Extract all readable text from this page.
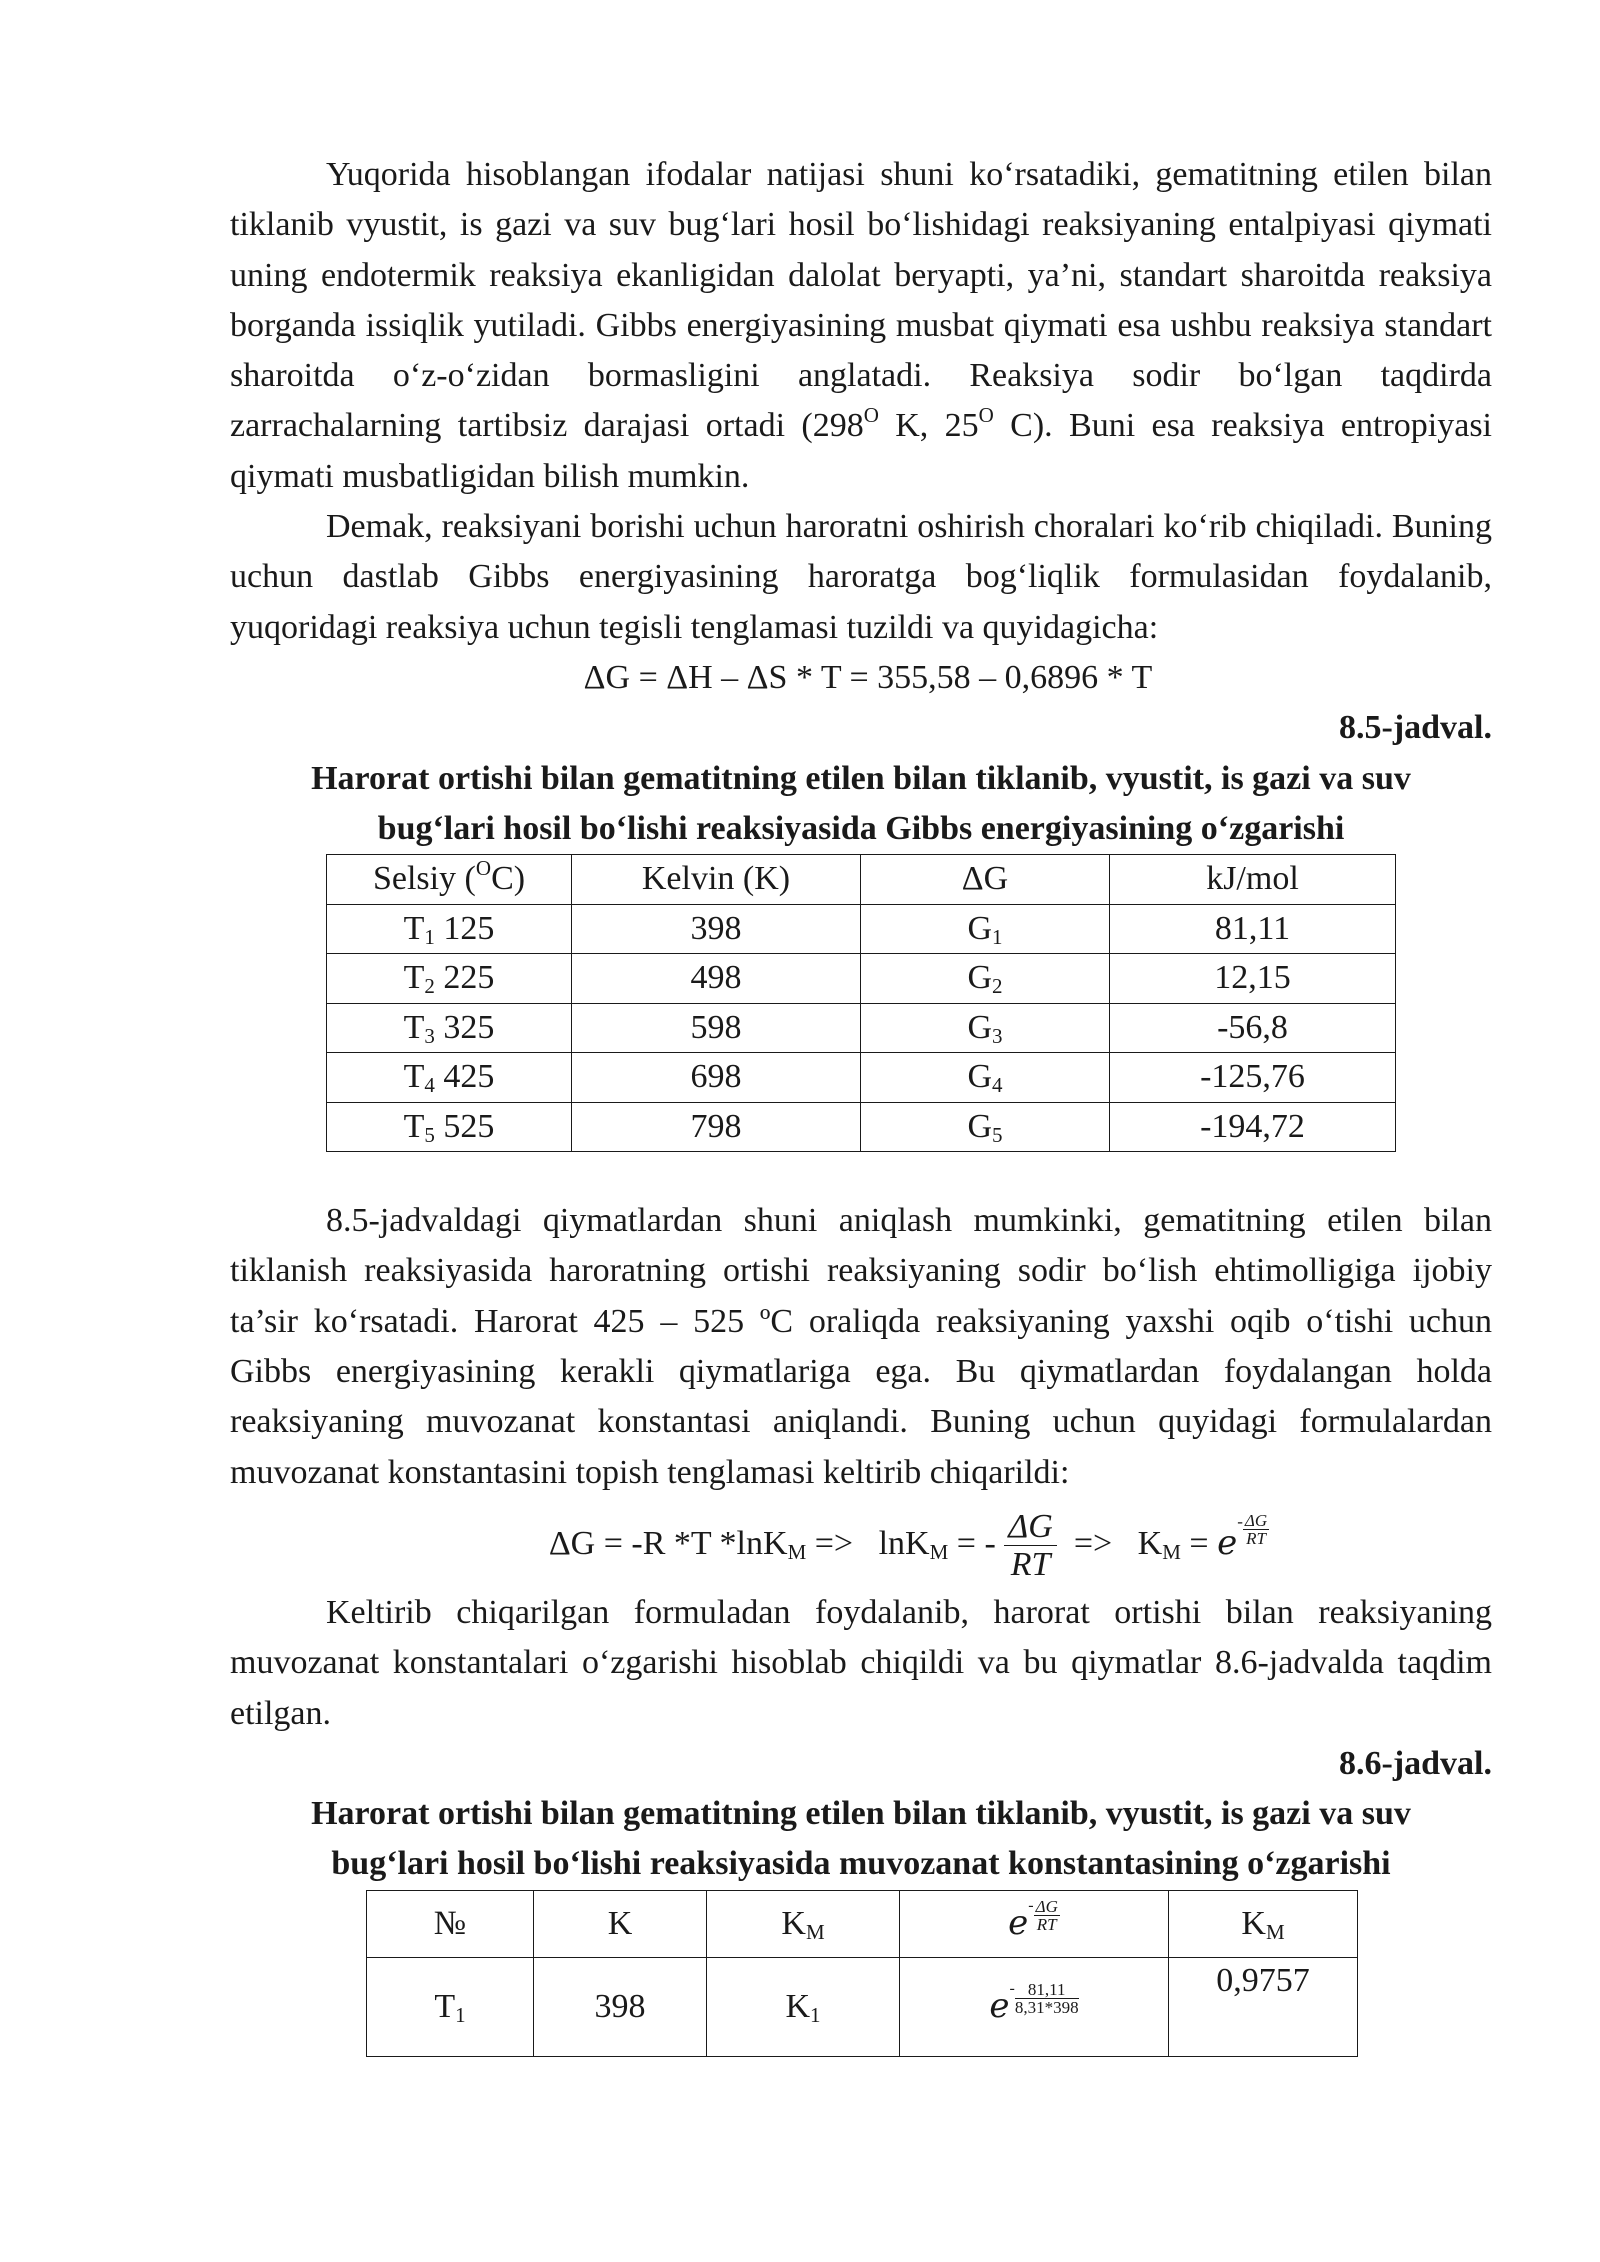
Yuqorida hisoblangan ifodalar natijasi shuni ko‘rsatadiki, gematitning etilen bilan tiklanib vyustit, is gazi va suv bug‘lari hosil bo‘lishidagi reaksiyaning entalpiyasi qiymati uning endotermik reaksiya ekanligidan dalolat beryapti, ya’ni, standart sharoitda reaksiya borganda issiqlik yutiladi. Gibbs energiyasining musbat qiymati esa ushbu reaksiya standart sharoitda o‘z-o‘zidan bormasligini anglatadi. Reaksiya sodir bo‘lgan taqdirda zarrachalarning tartibsiz darajasi ortadi ($298^O$ K, $25^O$ C). Buni esa reaksiya entropiyasi qiymati musbatligidan bilish mumkin.

Demak, reaksiyani borishi uchun haroratni oshirish choralari ko‘rib chiqiladi. Buning uchun dastlab Gibbs energiyasining haroratga bog‘liqlik formulasidan foydalanib, yuqoridagi reaksiya uchun tegisli tenglamasi tuzildi va quyidagicha:

ΔG = ΔH – ΔS * T = 355,58 – 0,6896 * T
8.5-jadval.
Harorat ortishi bilan gematitning etilen bilan tiklanib, vyustit, is gazi va suv
bug‘lari hosil bo‘lishi reaksiyasida Gibbs energiyasining o‘zgarishi
Selsiy ($^O$C)	Kelvin (K)	ΔG	kJ/mol
$T_1$ 125	398	$G_1$	81,11
$T_2$ 225	498	$G_2$	12,15
$T_3$ 325	598	$G_3$	-56,8
$T_4$ 425	698	$G_4$	-125,76
$T_5$ 525	798	$G_5$	-194,72

8.5-jadvaldagi qiymatlardan shuni aniqlash mumkinki, gematitning etilen bilan tiklanish reaksiyasida haroratning ortishi reaksiyaning sodir bo‘lish ehtimolligiga ijobiy ta’sir ko‘rsatadi. Harorat 425 – 525 ºC oraliqda reaksiyaning yaxshi oqib o‘tishi uchun Gibbs energiyasining kerakli qiymatlariga ega. Bu qiymatlardan foydalangan holda reaksiyaning muvozanat konstantasi aniqlandi. Buning uchun quyidagi formulalardan muvozanat konstantasini topish tenglamasi keltirib chiqarildi:

ΔG = -R *T *lnK$_M$ => lnK$_M$ = - $\frac{\Delta G}{RT} => K_M = e^- \frac{\Delta G}{RT}$

Keltirib chiqarilgan formuladan foydalanib, harorat ortishi bilan reaksiyaning muvozanat konstantalari o‘zgarishi hisoblab chiqildi va bu qiymatlar 8.6-jadvalda taqdim etilgan.

8.6-jadval.
Harorat ortishi bilan gematitning etilen bilan tiklanib, vyustit, is gazi va suv
bug‘lari hosil bo‘lishi reaksiyasida muvozanat konstantasining o‘zgarishi
№	K	$K_M$	$e^- \frac{\Delta G}{RT}$	$K_M$
$T_1$	398	$K_1$	$e^- \frac{81,11}{8,31*398}$	0,9757
